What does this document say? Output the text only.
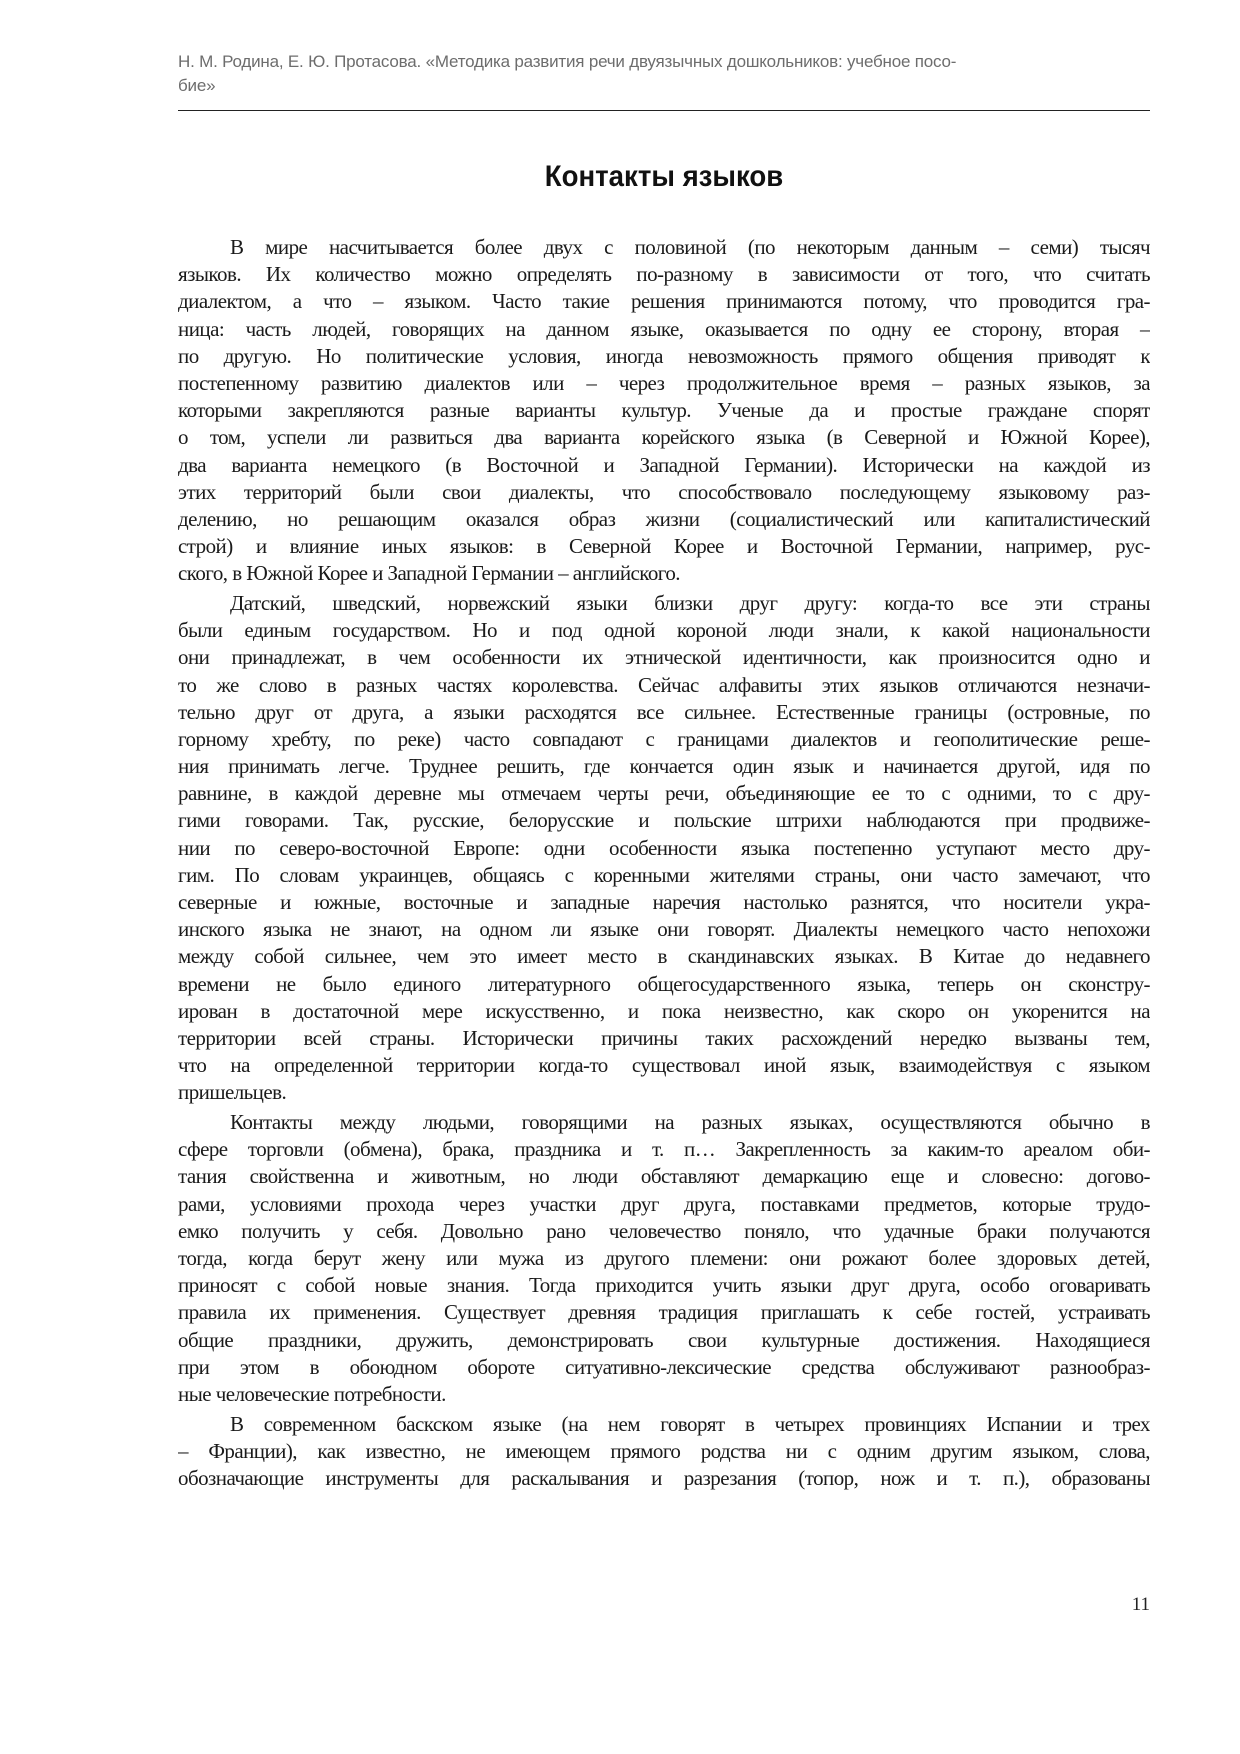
Н. М. Родина, Е. Ю. Протасова. «Методика развития речи двуязычных дошкольников: учебное посо-
бие»
Контакты языков
В мире насчитывается более двух с половиной (по некоторым данным – семи) тысяч
языков. Их количество можно определять по-разному в зависимости от того, что считать
диалектом, а что – языком. Часто такие решения принимаются потому, что проводится гра-
ница: часть людей, говорящих на данном языке, оказывается по одну ее сторону, вторая –
по другую. Но политические условия, иногда невозможность прямого общения приводят к
постепенному развитию диалектов или – через продолжительное время – разных языков, за
которыми закрепляются разные варианты культур. Ученые да и простые граждане спорят
о том, успели ли развиться два варианта корейского языка (в Северной и Южной Корее),
два варианта немецкого (в Восточной и Западной Германии). Исторически на каждой из
этих территорий были свои диалекты, что способствовало последующему языковому раз-
делению, но решающим оказался образ жизни (социалистический или капиталистический
строй) и влияние иных языков: в Северной Корее и Восточной Германии, например, рус-
ского, в Южной Корее и Западной Германии – английского.
Датский, шведский, норвежский языки близки друг другу: когда-то все эти страны
были единым государством. Но и под одной короной люди знали, к какой национальности
они принадлежат, в чем особенности их этнической идентичности, как произносится одно и
то же слово в разных частях королевства. Сейчас алфавиты этих языков отличаются незначи-
тельно друг от друга, а языки расходятся все сильнее. Естественные границы (островные, по
горному хребту, по реке) часто совпадают с границами диалектов и геополитические реше-
ния принимать легче. Труднее решить, где кончается один язык и начинается другой, идя по
равнине, в каждой деревне мы отмечаем черты речи, объединяющие ее то с одними, то с дру-
гими говорами. Так, русские, белорусские и польские штрихи наблюдаются при продвиже-
нии по северо-восточной Европе: одни особенности языка постепенно уступают место дру-
гим. По словам украинцев, общаясь с коренными жителями страны, они часто замечают, что
северные и южные, восточные и западные наречия настолько разнятся, что носители укра-
инского языка не знают, на одном ли языке они говорят. Диалекты немецкого часто непохожи
между собой сильнее, чем это имеет место в скандинавских языках. В Китае до недавнего
времени не было единого литературного общегосударственного языка, теперь он сконстру-
ирован в достаточной мере искусственно, и пока неизвестно, как скоро он укоренится на
территории всей страны. Исторически причины таких расхождений нередко вызваны тем,
что на определенной территории когда-то существовал иной язык, взаимодействуя с языком
пришельцев.
Контакты между людьми, говорящими на разных языках, осуществляются обычно в
сфере торговли (обмена), брака, праздника и т. п… Закрепленность за каким-то ареалом оби-
тания свойственна и животным, но люди обставляют демаркацию еще и словесно: догово-
рами, условиями прохода через участки друг друга, поставками предметов, которые трудо-
емко получить у себя. Довольно рано человечество поняло, что удачные браки получаются
тогда, когда берут жену или мужа из другого племени: они рожают более здоровых детей,
приносят с собой новые знания. Тогда приходится учить языки друг друга, особо оговаривать
правила их применения. Существует древняя традиция приглашать к себе гостей, устраивать
общие праздники, дружить, демонстрировать свои культурные достижения. Находящиеся
при этом в обоюдном обороте ситуативно-лексические средства обслуживают разнообраз-
ные человеческие потребности.
В современном баскском языке (на нем говорят в четырех провинциях Испании и трех
– Франции), как известно, не имеющем прямого родства ни с одним другим языком, слова,
обозначающие инструменты для раскалывания и разрезания (топор, нож и т. п.), образованы
11
